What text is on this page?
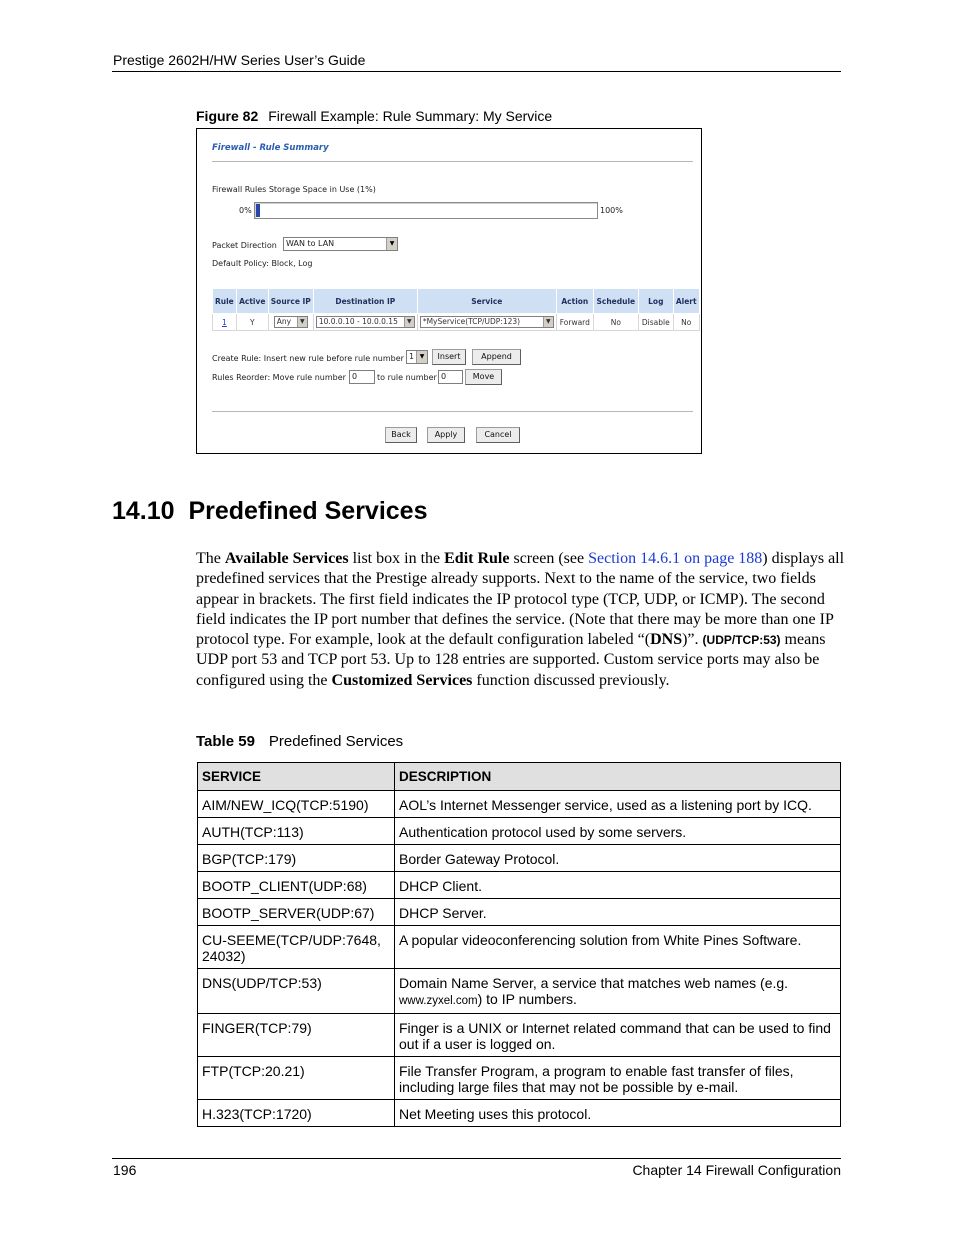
Prestige 2602H/HW Series User’s Guide
Figure 82 Firewall Example: Rule Summary: My Service
Firewall - Rule Summary
Firewall Rules Storage Space in Use (1%)
0%	100%
Packet Direction	WAN to LAN	▼
Default Policy: Block, Log
Rule	Active	Source IP	Destination IP	Service	Action	Schedule	Log	Alert
1	Y	Any ▼	10.0.0.10 - 10.0.0.15 ▼	*MyService(TCP/UDP:123) ▼	Forward	No	Disable	No
Create Rule: Insert new rule before rule number 1 ▼	Insert	Append
Rules Reorder: Move rule number 0	to rule number 0	Move
Back	Apply	Cancel
14.10 Predefined Services
The Available Services list box in the Edit Rule screen (see Section 14.6.1 on page 188) displays all predefined services that the Prestige already supports. Next to the name of the service, two fields appear in brackets. The first field indicates the IP protocol type (TCP, UDP, or ICMP). The second field indicates the IP port number that defines the service. (Note that there may be more than one IP protocol type. For example, look at the default configuration labeled “(DNS)”. (UDP/TCP:53) means UDP port 53 and TCP port 53. Up to 128 entries are supported. Custom service ports may also be configured using the Customized Services function discussed previously.
Table 59 Predefined Services
SERVICE	DESCRIPTION
AIM/NEW_ICQ(TCP:5190)	AOL’s Internet Messenger service, used as a listening port by ICQ.
AUTH(TCP:113)	Authentication protocol used by some servers.
BGP(TCP:179)	Border Gateway Protocol.
BOOTP_CLIENT(UDP:68)	DHCP Client.
BOOTP_SERVER(UDP:67)	DHCP Server.
CU-SEEME(TCP/UDP:7648, 24032)	A popular videoconferencing solution from White Pines Software.
DNS(UDP/TCP:53)	Domain Name Server, a service that matches web names (e.g.
www.zyxel.com) to IP numbers.
FINGER(TCP:79)	Finger is a UNIX or Internet related command that can be used to find out if a user is logged on.
FTP(TCP:20.21)	File Transfer Program, a program to enable fast transfer of files, including large files that may not be possible by e-mail.
H.323(TCP:1720)	Net Meeting uses this protocol.
196	Chapter 14 Firewall Configuration
